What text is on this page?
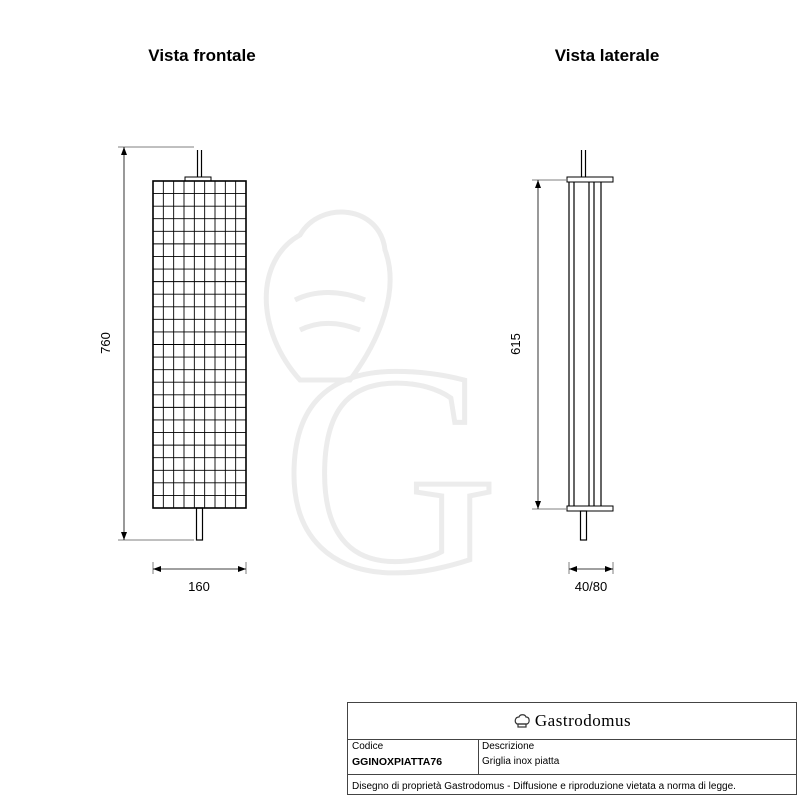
G
Vista frontale	Vista laterale
760
160
615
40/80
Gastrodomus
Codice
GGINOXPIATTA76
Descrizione
Griglia inox piatta
Disegno di proprietà Gastrodomus - Diffusione e riproduzione vietata a norma di legge.
